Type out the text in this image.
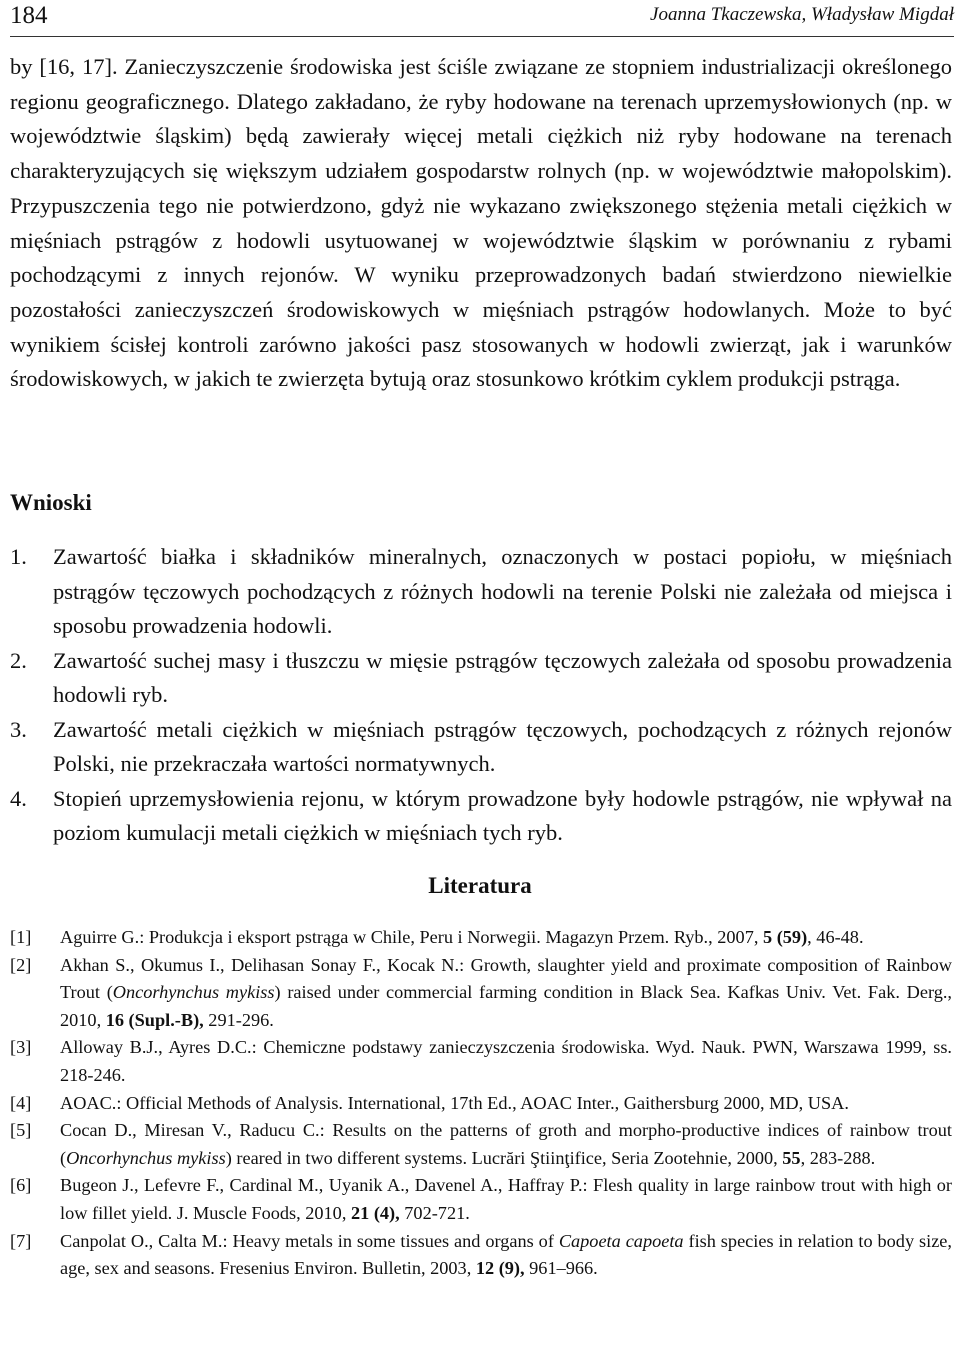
184	Joanna Tkaczewska, Władysław Migdał

by [16, 17]. Zanieczyszczenie środowiska jest ściśle związane ze stopniem industrializacji określonego regionu geograficznego. Dlatego zakładano, że ryby hodowane na terenach uprzemysłowionych (np. w województwie śląskim) będą zawierały więcej metali ciężkich niż ryby hodowane na terenach charakteryzujących się większym udziałem gospodarstw rolnych (np. w województwie małopolskim). Przypuszczenia tego nie potwierdzono, gdyż nie wykazano zwiększonego stężenia metali ciężkich w mięśniach pstrągów z hodowli usytuowanej w województwie śląskim w porównaniu z rybami pochodzącymi z innych rejonów. W wyniku przeprowadzonych badań stwierdzono niewielkie pozostałości zanieczyszczeń środowiskowych w mięśniach pstrągów hodowlanych. Może to być wynikiem ścisłej kontroli zarówno jakości pasz stosowanych w hodowli zwierząt, jak i warunków środowiskowych, w jakich te zwierzęta bytują oraz stosunkowo krótkim cyklem produkcji pstrąga.

Wnioski
1. Zawartość białka i składników mineralnych, oznaczonych w postaci popiołu, w mięśniach pstrągów tęczowych pochodzących z różnych hodowli na terenie Polski nie zależała od miejsca i sposobu prowadzenia hodowli.
2. Zawartość suchej masy i tłuszczu w mięsie pstrągów tęczowych zależała od sposobu prowadzenia hodowli ryb.
3. Zawartość metali ciężkich w mięśniach pstrągów tęczowych, pochodzących z różnych rejonów Polski, nie przekraczała wartości normatywnych.
4. Stopień uprzemysłowienia rejonu, w którym prowadzone były hodowle pstrągów, nie wpływał na poziom kumulacji metali ciężkich w mięśniach tych ryb.
Literatura
[1] Aguirre G.: Produkcja i eksport pstrąga w Chile, Peru i Norwegii. Magazyn Przem. Ryb., 2007, 5 (59), 46-48.
[2] Akhan S., Okumus I., Delihasan Sonay F., Kocak N.: Growth, slaughter yield and proximate composition of Rainbow Trout (Oncorhynchus mykiss) raised under commercial farming condition in Black Sea. Kafkas Univ. Vet. Fak. Derg., 2010, 16 (Supl.-B), 291-296.
[3] Alloway B.J., Ayres D.C.: Chemiczne podstawy zanieczyszczenia środowiska. Wyd. Nauk. PWN, Warszawa 1999, ss. 218-246.
[4] AOAC.: Official Methods of Analysis. International, 17th Ed., AOAC Inter., Gaithersburg 2000, MD, USA.
[5] Cocan D., Miresan V., Raducu C.: Results on the patterns of groth and morpho-productive indices of rainbow trout (Oncorhynchus mykiss) reared in two different systems. Lucrări Ştiinţifice, Seria Zootehnie, 2000, 55, 283-288.
[6] Bugeon J., Lefevre F., Cardinal M., Uyanik A., Davenel A., Haffray P.: Flesh quality in large rainbow trout with high or low fillet yield. J. Muscle Foods, 2010, 21 (4), 702-721.
[7] Canpolat O., Calta M.: Heavy metals in some tissues and organs of Capoeta capoeta fish species in relation to body size, age, sex and seasons. Fresenius Environ. Bulletin, 2003, 12 (9), 961–966.
